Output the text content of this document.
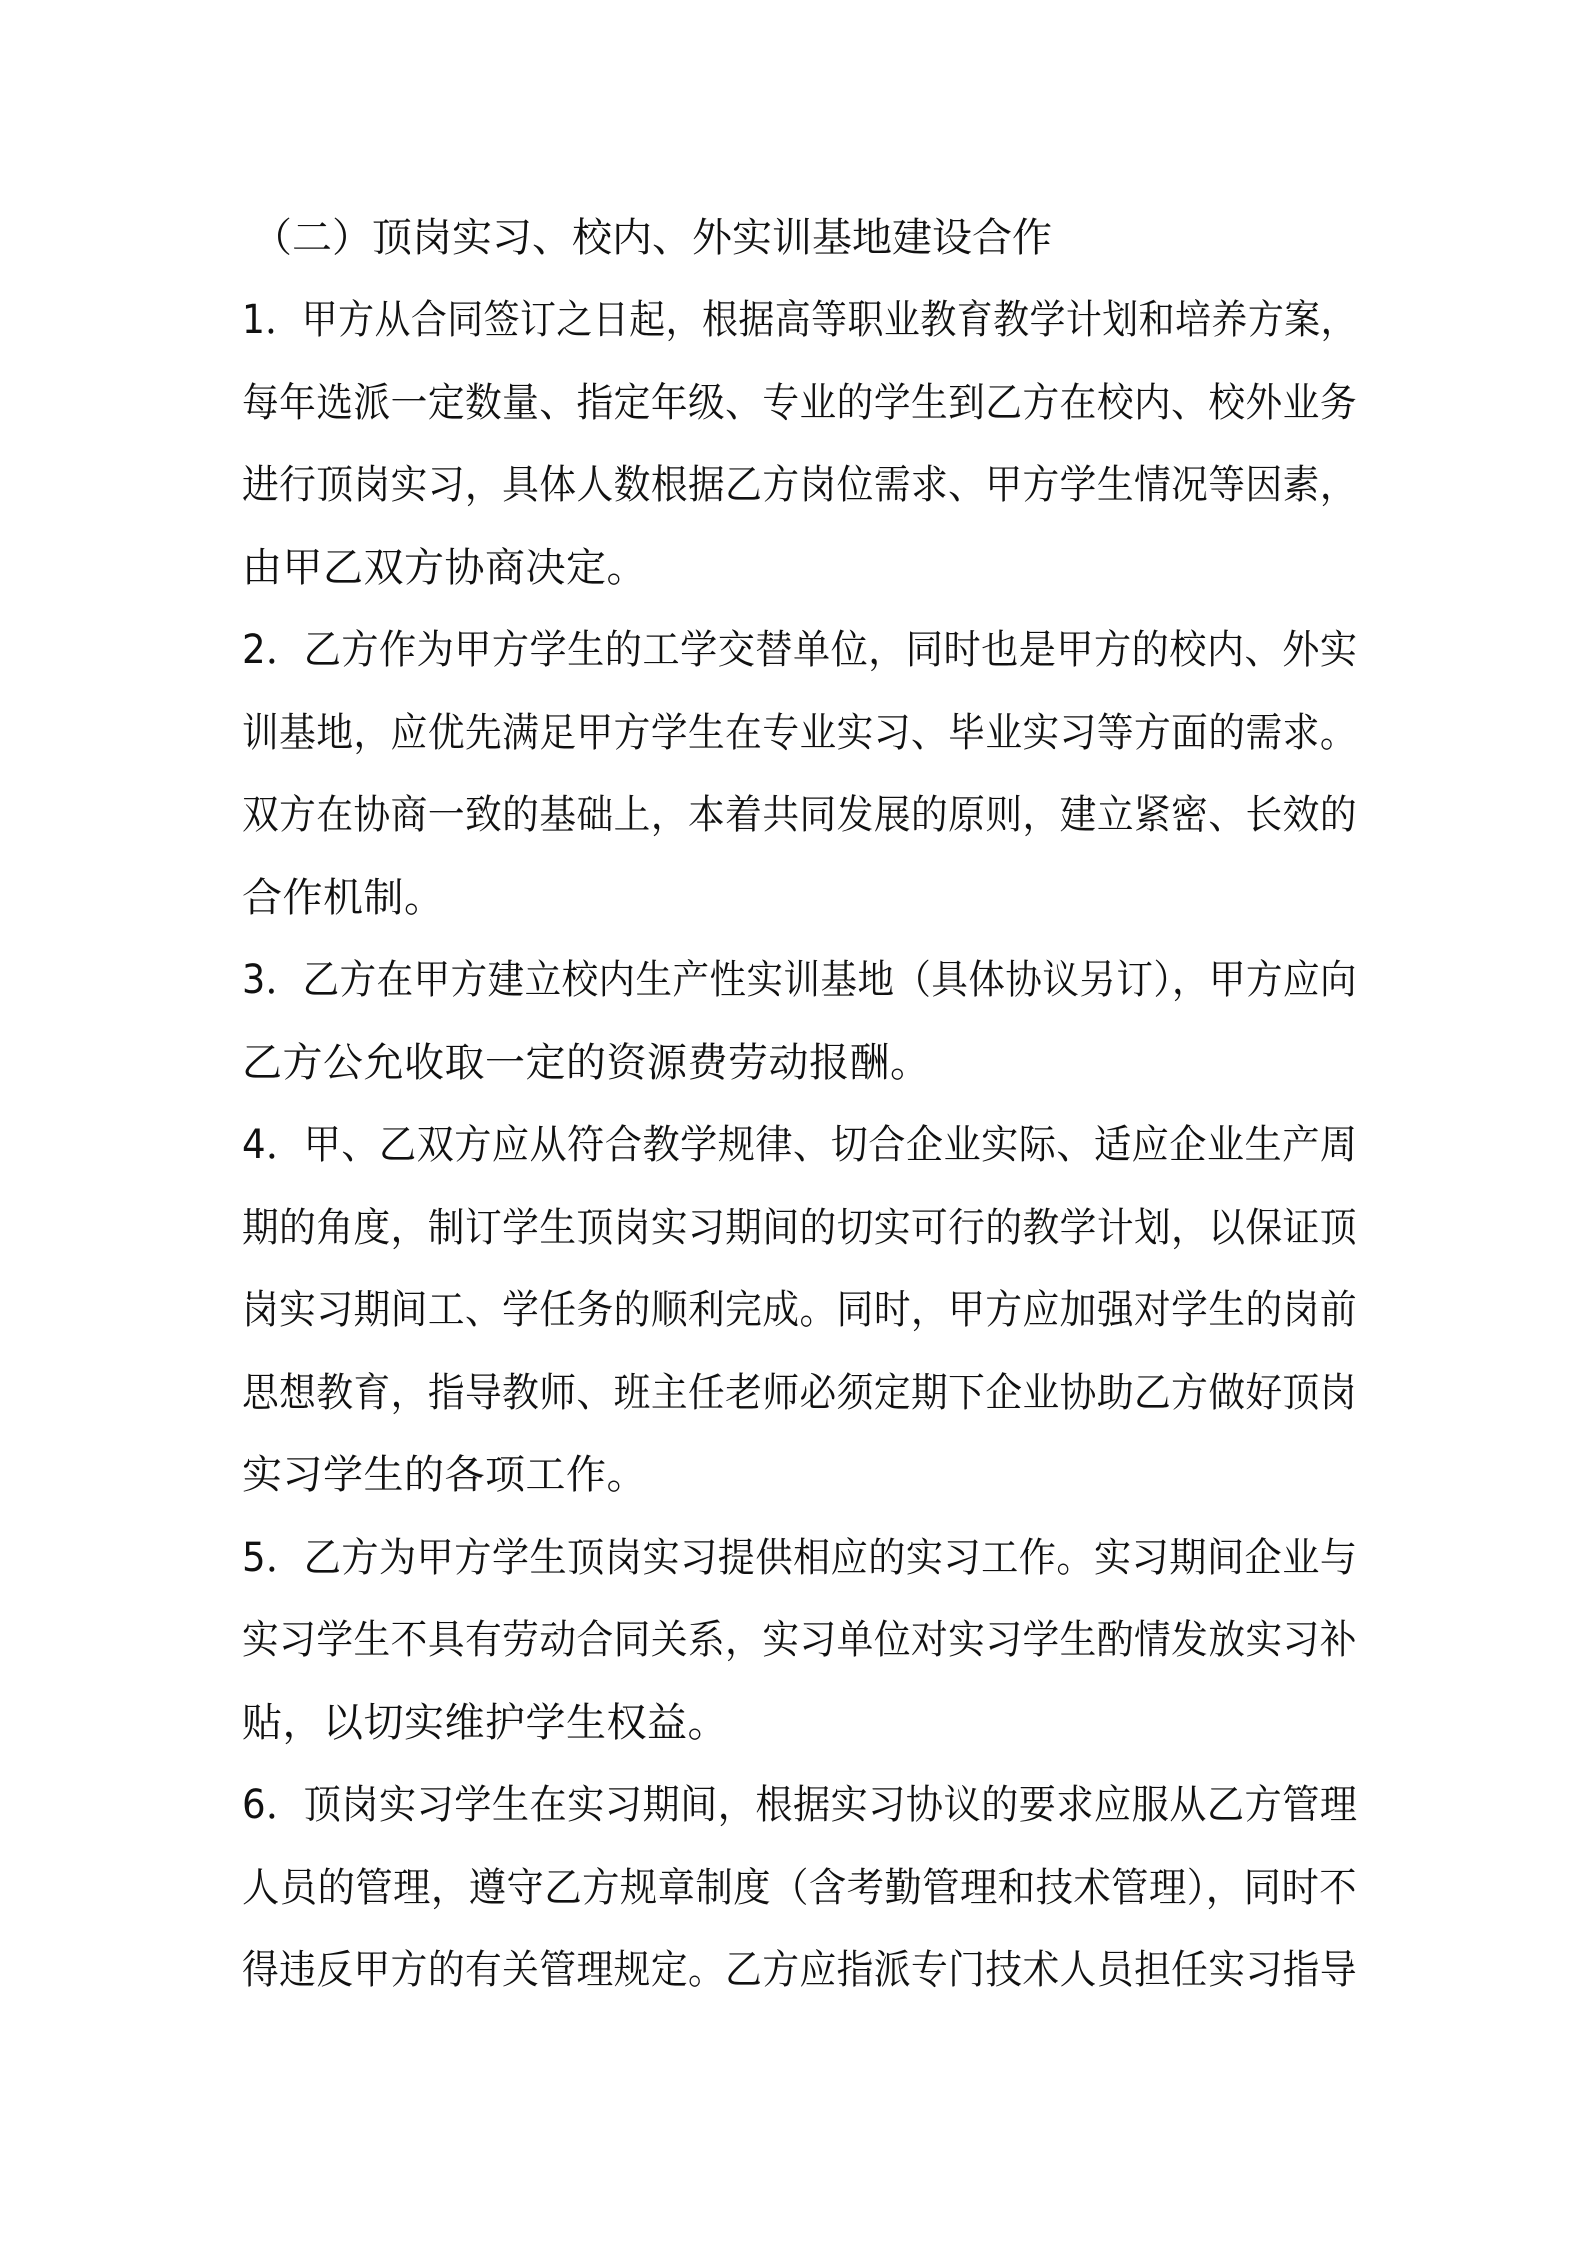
（二）顶岗实习、校内、外实训基地建设合作

1．甲方从合同签订之日起，根据高等职业教育教学计划和培养方案，
每年选派一定数量、指定年级、专业的学生到乙方在校内、校外业务
进行顶岗实习，具体人数根据乙方岗位需求、甲方学生情况等因素，
由甲乙双方协商决定。

2．乙方作为甲方学生的工学交替单位，同时也是甲方的校内、外实
训基地，应优先满足甲方学生在专业实习、毕业实习等方面的需求。
双方在协商一致的基础上，本着共同发展的原则，建立紧密、长效的
合作机制。

3．乙方在甲方建立校内生产性实训基地（具体协议另订），甲方应向
乙方公允收取一定的资源费劳动报酬。

4．甲、乙双方应从符合教学规律、切合企业实际、适应企业生产周
期的角度，制订学生顶岗实习期间的切实可行的教学计划，以保证顶
岗实习期间工、学任务的顺利完成。同时，甲方应加强对学生的岗前
思想教育，指导教师、班主任老师必须定期下企业协助乙方做好顶岗
实习学生的各项工作。

5．乙方为甲方学生顶岗实习提供相应的实习工作。实习期间企业与
实习学生不具有劳动合同关系，实习单位对实习学生酌情发放实习补
贴，以切实维护学生权益。

6．顶岗实习学生在实习期间，根据实习协议的要求应服从乙方管理
人员的管理，遵守乙方规章制度（含考勤管理和技术管理），同时不
得违反甲方的有关管理规定。乙方应指派专门技术人员担任实习指导
